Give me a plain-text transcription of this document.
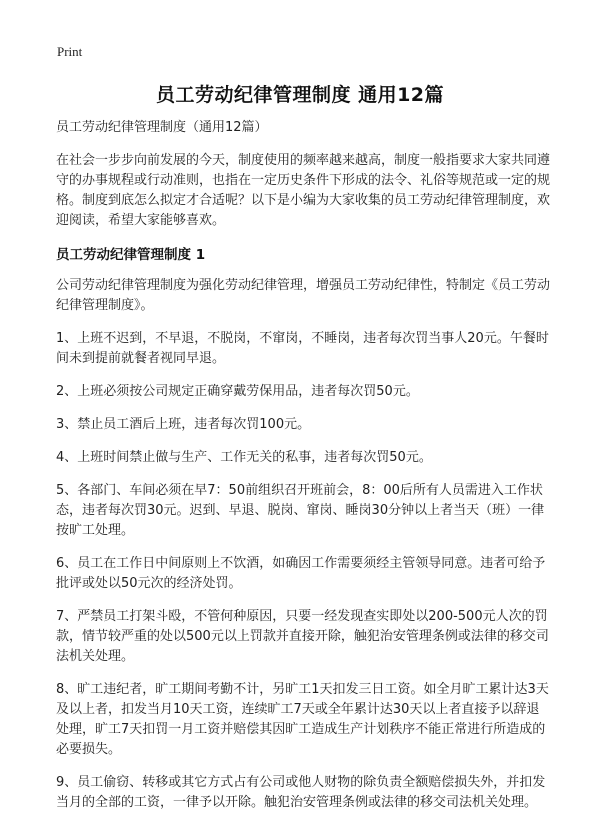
Print
员工劳动纪律管理制度 通用12篇

员工劳动纪律管理制度（通用12篇）

在社会一步步向前发展的今天，制度使用的频率越来越高，制度一般指要求大家共同遵守的办事规程或行动准则，也指在一定历史条件下形成的法令、礼俗等规范或一定的规格。制度到底怎么拟定才合适呢？以下是小编为大家收集的员工劳动纪律管理制度，欢迎阅读，希望大家能够喜欢。

员工劳动纪律管理制度 1

公司劳动纪律管理制度为强化劳动纪律管理，增强员工劳动纪律性，特制定《员工劳动纪律管理制度》。

1、上班不迟到，不早退，不脱岗，不窜岗，不睡岗，违者每次罚当事人20元。午餐时间未到提前就餐者视同早退。

2、上班必须按公司规定正确穿戴劳保用品，违者每次罚50元。

3、禁止员工酒后上班，违者每次罚100元。

4、上班时间禁止做与生产、工作无关的私事，违者每次罚50元。

5、各部门、车间必须在早7：50前组织召开班前会，8：00后所有人员需进入工作状态，违者每次罚30元。迟到、早退、脱岗、窜岗、睡岗30分钟以上者当天（班）一律按旷工处理。

6、员工在工作日中间原则上不饮酒，如确因工作需要须经主管领导同意。违者可给予批评或处以50元次的经济处罚。

7、严禁员工打架斗殴，不管何种原因，只要一经发现查实即处以200-500元人次的罚款，情节较严重的处以500元以上罚款并直接开除，触犯治安管理条例或法律的移交司法机关处理。

8、旷工违纪者，旷工期间考勤不计，另旷工1天扣发三日工资。如全月旷工累计达3天及以上者，扣发当月10天工资，连续旷工7天或全年累计达30天以上者直接予以辞退处理，旷工7天扣罚一月工资并赔偿其因旷工造成生产计划秩序不能正常进行所造成的必要损失。

9、员工偷窃、转移或其它方式占有公司或他人财物的除负责全额赔偿损失外，并扣发当月的全部的工资，一律予以开除。触犯治安管理条例或法律的移交司法机关处理。
